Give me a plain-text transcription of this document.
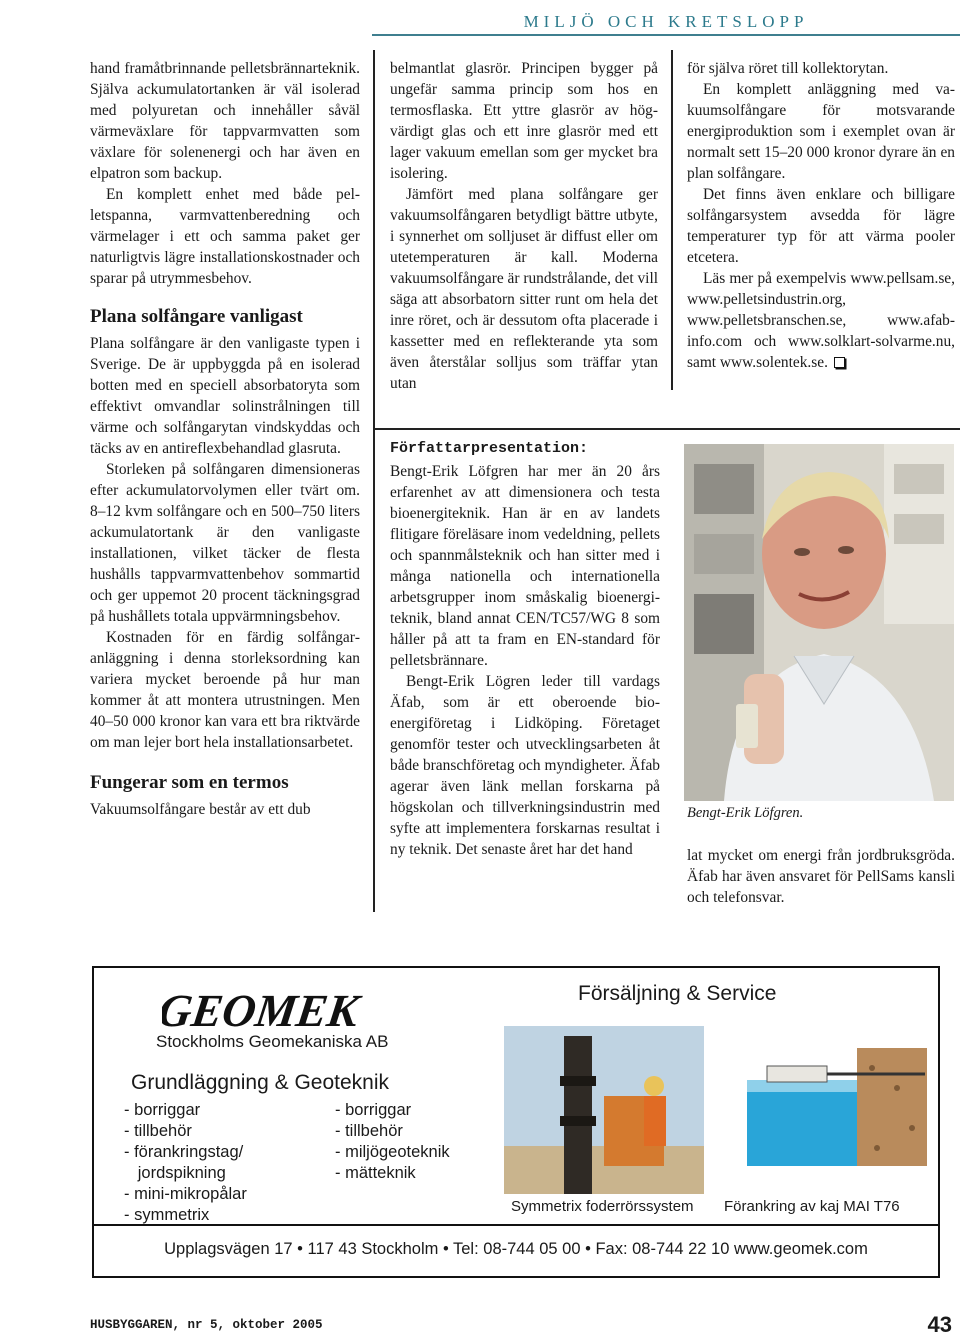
MILJÖ OCH KRETSLOPP

hand framåtbrinnande pelletsbrännarteknik. Själva ackumulatortanken är väl isolerad med polyuretan och innehåller såväl värmeväxlare för tappvarmvatten som växlare för solenenergi och har även en elpatron som backup.

En komplett enhet med både pelletspanna, varmvattenberedning och värmelager i ett och samma paket ger naturligtvis lägre installationskostnader och sparar på utrymmesbehov.

Plana solfångare vanligast

Plana solfångare är den vanligaste typen i Sverige. De är uppbyggda på en isolerad botten med en speciell absorbatoryta som effektivt omvandlar solinstrålningen till värme och solfångarytan vindskyddas och täcks av en antireflexbehandlad glasruta.

Storleken på solfångaren dimensioneras efter ackumulatorvolymen eller tvärt om. 8–12 kvm solfångare och en 500–750 liters ackumulatortank är den vanligaste installationen, vilket täcker de flesta hushålls tappvarmvattenbehov sommartid och ger uppemot 20 procent täckningsgrad på hushållets totala uppvärmningsbehov.

Kostnaden för en färdig solfångaranläggning i denna storleksordning kan variera mycket beroende på hur man kommer åt att montera utrustningen. Men 40–50 000 kronor kan vara ett bra riktvärde om man lejer bort hela installationsarbetet.

Fungerar som en termos

Vakuumsolfångare består av ett dub

belmantlat glasrör. Principen bygger på ungefär samma princip som hos en termosflaska. Ett yttre glasrör av högvärdigt glas och ett inre glasrör med ett lager vakuum emellan som ger mycket bra isolering.

Jämfört med plana solfångare ger vakuumsolfångaren betydligt bättre utbyte, i synnerhet om solljuset är diffust eller om utetemperaturen är kall. Moderna vakuumsolfångare är rundstrålande, det vill säga att absorbatorn sitter runt om hela det inre röret, och är dessutom ofta placerade i kassetter med en reflekterande yta som även återstålar solljus som träffar ytan utan

för själva röret till kollektorytan.

En komplett anläggning med vakuumsolfångare för motsvarande energiproduktion som i exemplet ovan är normalt sett 15–20 000 kronor dyrare än en plan solfångare.

Det finns även enklare och billigare solfångarsystem avsedda för lägre temperaturer typ för att värma pooler etcetera.

Läs mer på exempelvis www.pellsam.se, www.pelletsindustrin.org, www.pelletsbranschen.se, www.afabinfo.com och www.solklart-solvarme.nu, samt www.solentek.se.

Författarpresentation:

Bengt-Erik Löfgren har mer än 20 års erfarenhet av att dimensionera och testa bioenergiteknik. Han är en av landets flitigare föreläsare inom vedeldning, pellets och spannmålsteknik och han sitter med i många nationella och internationella arbetsgrupper inom småskalig bioenergiteknik, bland annat CEN/TC57/WG 8 som håller på att ta fram en EN-standard för pelletsbrännare.

Bengt-Erik Lögren leder till vardags Äfab, som är ett oberoende bioenergiföretag i Lidköping. Företaget genomför tester och utvecklingsarbeten åt både branschföretag och myndigheter. Äfab agerar även länk mellan forskarna på högskolan och tillverkningsindustrin med syfte att implementera forskarnas resultat i ny teknik. Det senaste året har det hand

Bengt-Erik Löfgren.
lat mycket om energi från jordbruksgröda. Äfab har även ansvaret för PellSams kansli och telefonsvar.
GEOMEK
Stockholms Geomekaniska AB
Grundläggning & Geoteknik
- borriggar
- tillbehör
- förankringstag/
jordspikning
- mini-mikropålar
- symmetrix
- borriggar
- tillbehör
- miljögeoteknik
- mätteknik
Försäljning & Service
Symmetrix foderrörssystem Förankring av kaj MAI T76
Upplagsvägen 17 • 117 43 Stockholm • Tel: 08-744 05 00 • Fax: 08-744 22 10 www.geomek.com
HUSBYGGAREN, nr 5, oktober 2005	43
